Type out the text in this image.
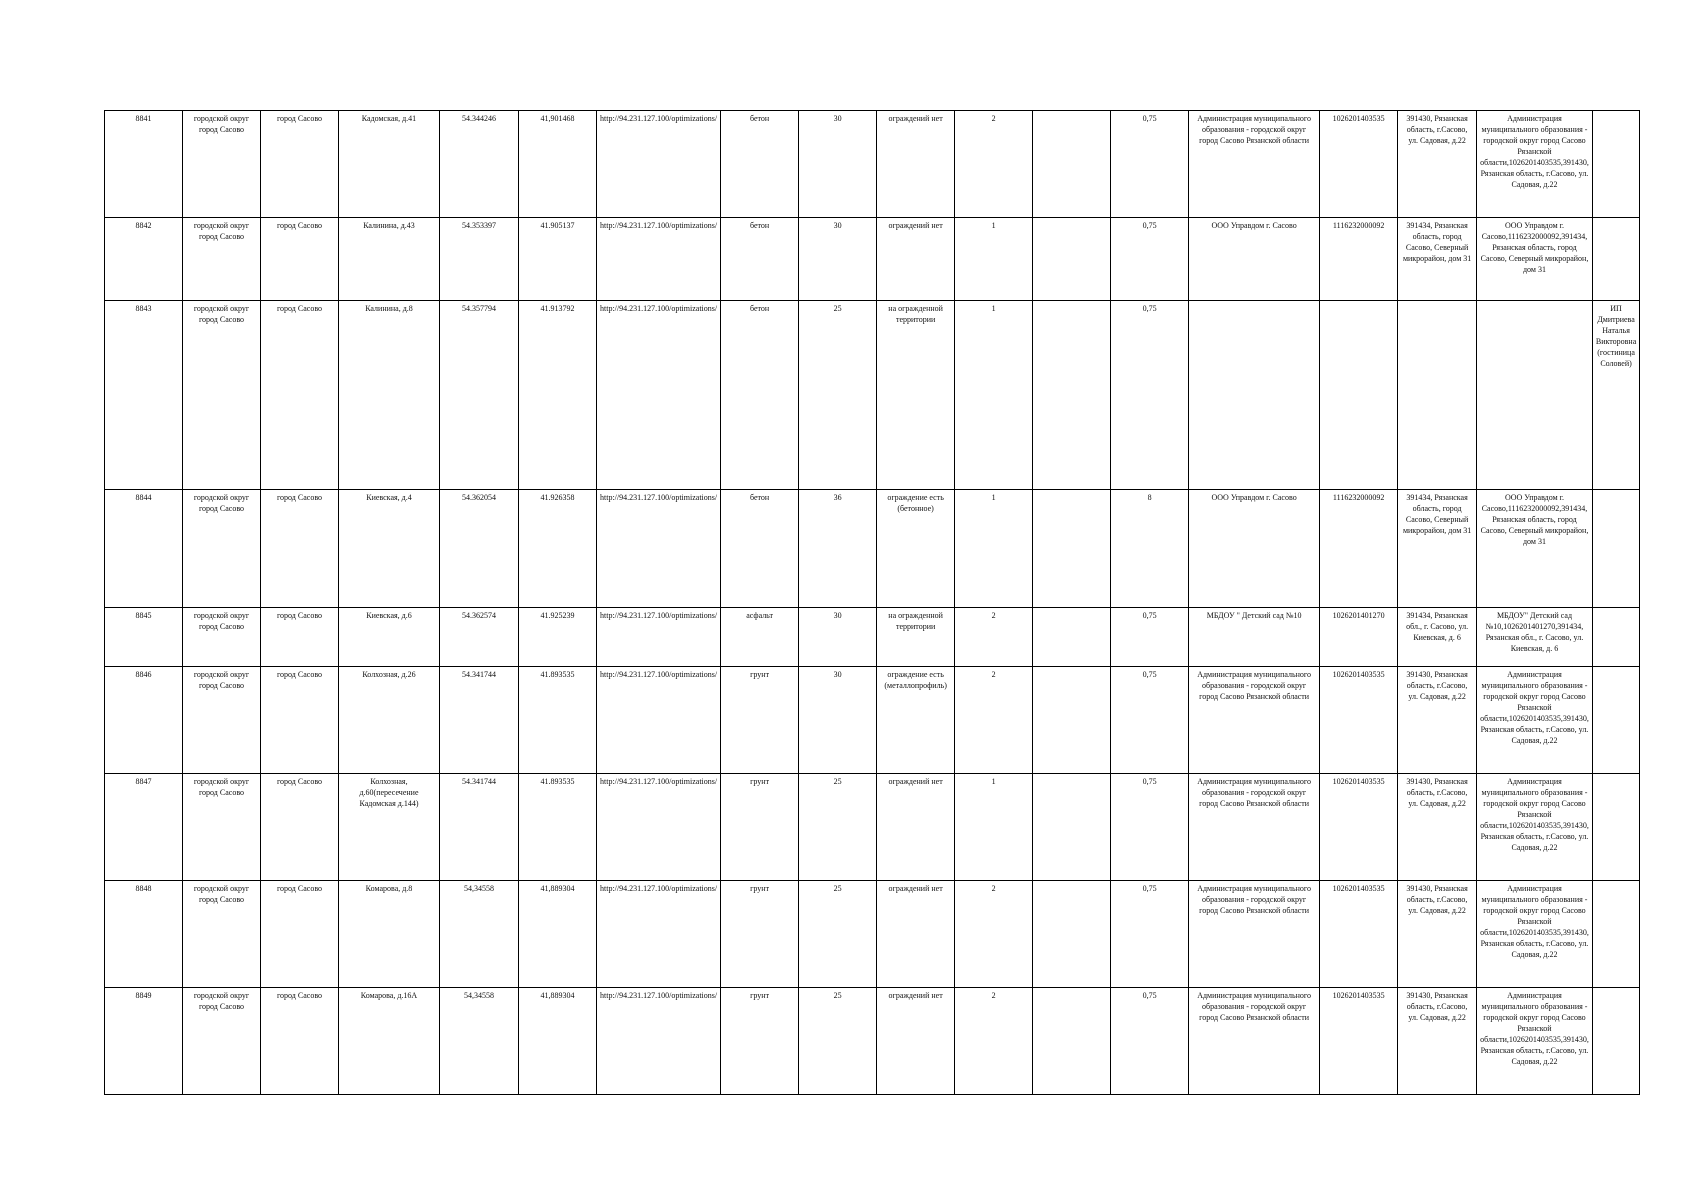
8841	городской округ город Сасово	город Сасово	Кадомская, д.41	54.344246	41,901468	http://94.231.127.100/optimizations/	бетон	30	ограждений нет	2		0,75	Администрация муниципального образования - городской округ город Сасово Рязанской области	1026201403535	391430, Рязанская область, г.Сасово, ул. Садовая, д.22	Администрация муниципального образования - городской округ город Сасово Рязанской области,1026201403535,391430, Рязанская область, г.Сасово, ул. Садовая, д.22	
8842	городской округ город Сасово	город Сасово	Калинина, д.43	54.353397	41.905137	http://94.231.127.100/optimizations/	бетон	30	ограждений нет	1		0,75	ООО Управдом г. Сасово	1116232000092	391434, Рязанская область, город Сасово, Северный микрорайон, дом 31	ООО Управдом г. Сасово,1116232000092,391434, Рязанская область, город Сасово, Северный микрорайон, дом 31	
8843	городской округ город Сасово	город Сасово	Калинина, д.8	54.357794	41.913792	http://94.231.127.100/optimizations/	бетон	25	на огражденной территории	1		0,75					ИП Дмитриева Наталья Викторовна (гостиница Соловей)
8844	городской округ город Сасово	город Сасово	Киевская, д.4	54.362054	41.926358	http://94.231.127.100/optimizations/	бетон	36	ограждение есть (бетонное)	1		8	ООО Управдом г. Сасово	1116232000092	391434, Рязанская область, город Сасово, Северный микрорайон, дом 31	ООО Управдом г. Сасово,1116232000092,391434, Рязанская область, город Сасово, Северный микрорайон, дом 31	
8845	городской округ город Сасово	город Сасово	Киевская, д.6	54.362574	41.925239	http://94.231.127.100/optimizations/	асфальт	30	на огражденной территории	2		0,75	МБДОУ " Детский сад №10	1026201401270	391434, Рязанская обл., г. Сасово, ул. Киевская, д. 6	МБДОУ" Детский сад №10,1026201401270,391434, Рязанская обл., г. Сасово, ул. Киевская, д. 6	
8846	городской округ город Сасово	город Сасово	Колхозная, д.26	54.341744	41.893535	http://94.231.127.100/optimizations/	грунт	30	ограждение есть (металлопрофиль)	2		0,75	Администрация муниципального образования - городской округ город Сасово Рязанской области	1026201403535	391430, Рязанская область, г.Сасово, ул. Садовая, д.22	Администрация муниципального образования - городской округ город Сасово Рязанской области,1026201403535,391430, Рязанская область, г.Сасово, ул. Садовая, д.22	
8847	городской округ город Сасово	город Сасово	Колхозная, д.60(пересечение Кадомская д.144)	54.341744	41.893535	http://94.231.127.100/optimizations/	грунт	25	ограждений нет	1		0,75	Администрация муниципального образования - городской округ город Сасово Рязанской области	1026201403535	391430, Рязанская область, г.Сасово, ул. Садовая, д.22	Администрация муниципального образования - городской округ город Сасово Рязанской области,1026201403535,391430, Рязанская область, г.Сасово, ул. Садовая, д.22	
8848	городской округ город Сасово	город Сасово	Комарова, д.8	54,34558	41,889304	http://94.231.127.100/optimizations/	грунт	25	ограждений нет	2		0,75	Администрация муниципального образования - городской округ город Сасово Рязанской области	1026201403535	391430, Рязанская область, г.Сасово, ул. Садовая, д.22	Администрация муниципального образования - городской округ город Сасово Рязанской области,1026201403535,391430, Рязанская область, г.Сасово, ул. Садовая, д.22	
8849	городской округ город Сасово	город Сасово	Комарова, д.16А	54,34558	41,889304	http://94.231.127.100/optimizations/	грунт	25	ограждений нет	2		0,75	Администрация муниципального образования - городской округ город Сасово Рязанской области	1026201403535	391430, Рязанская область, г.Сасово, ул. Садовая, д.22	Администрация муниципального образования - городской округ город Сасово Рязанской области,1026201403535,391430, Рязанская область, г.Сасово, ул. Садовая, д.22	
